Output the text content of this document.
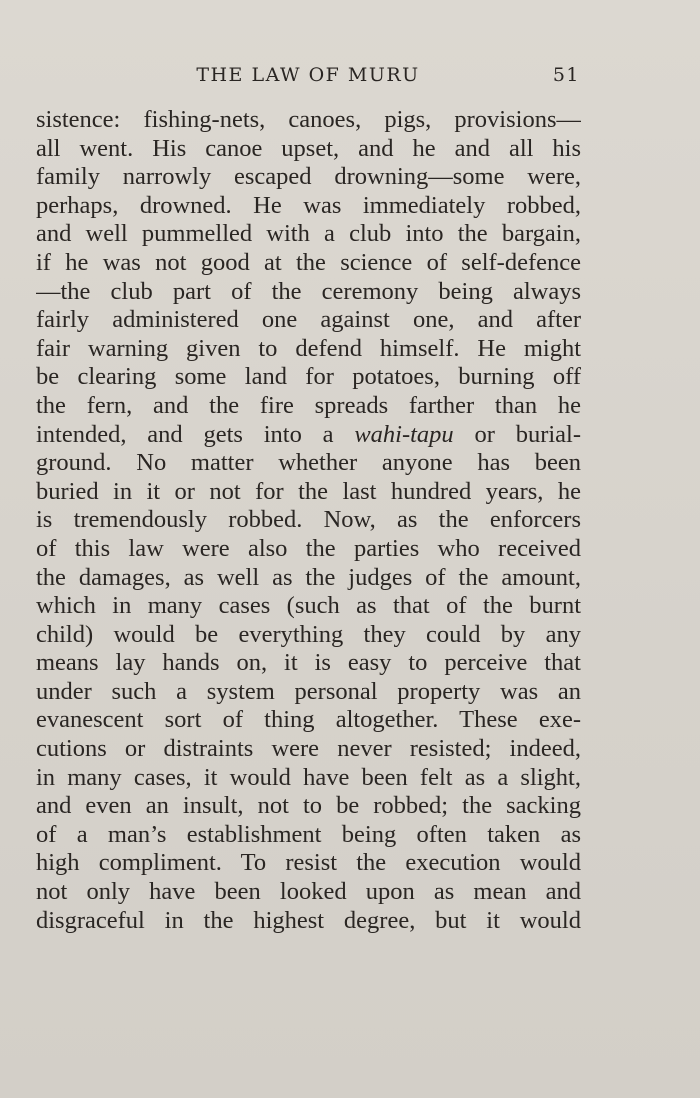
THE LAW OF MURU	51
sistence: fishing-nets, canoes, pigs, provisions—
all went. His canoe upset, and he and all his
family narrowly escaped drowning—some were,
perhaps, drowned. He was immediately robbed,
and well pummelled with a club into the bargain,
if he was not good at the science of self-defence
—the club part of the ceremony being always
fairly administered one against one, and after
fair warning given to defend himself. He might
be clearing some land for potatoes, burning off
the fern, and the fire spreads farther than he
intended, and gets into a wahi-tapu or burial-
ground. No matter whether anyone has been
buried in it or not for the last hundred years, he
is tremendously robbed. Now, as the enforcers
of this law were also the parties who received
the damages, as well as the judges of the amount,
which in many cases (such as that of the burnt
child) would be everything they could by any
means lay hands on, it is easy to perceive that
under such a system personal property was an
evanescent sort of thing altogether. These exe-
cutions or distraints were never resisted; indeed,
in many cases, it would have been felt as a slight,
and even an insult, not to be robbed; the sacking
of a man’s establishment being often taken as
high compliment. To resist the execution would
not only have been looked upon as mean and
disgraceful in the highest degree, but it would
